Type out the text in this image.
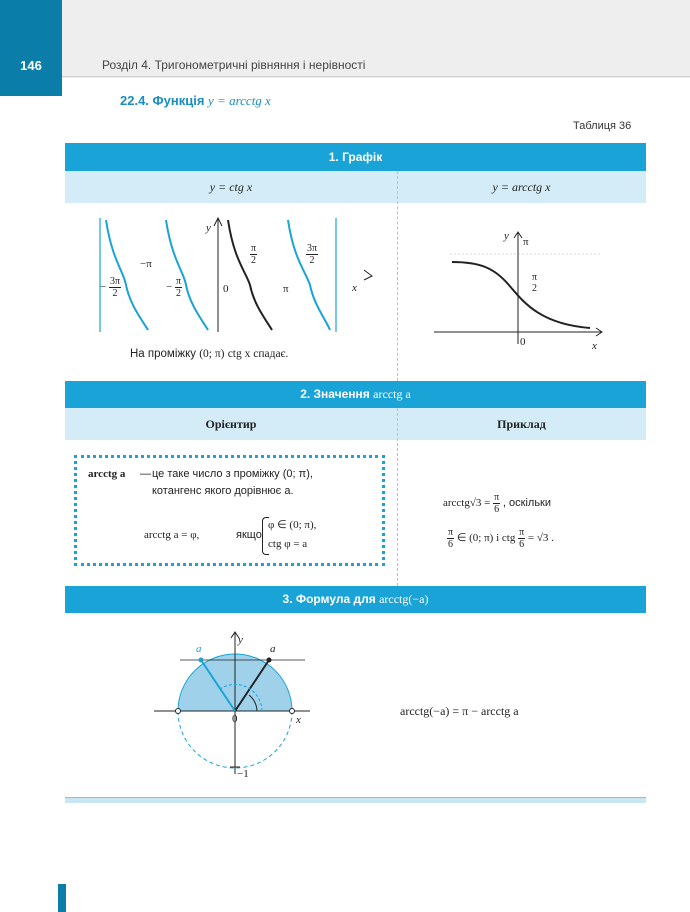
146	Розділ 4. Тригонометричні рівняння і нерівності
22.4. Функція y = arcctg x
Таблиця 36
1. Графік
y = ctg x	y = arcctg x
y
−π
x
0	π
− $\frac{3\pi}{2}$	− $\frac{\pi}{2}$
$\frac{\pi}{2}$	$\frac{3\pi}{2}$
На проміжку (0; π) ctg x спадає.
y π
π
2
0	x
2. Значення arcctg a
Орієнтир	Приклад
arcctg a — це таке число з проміжку (0; π),
котангенс якого дорівнює a.
arcctg a = φ,	якщо
φ ∈ (0; π),
ctg φ = a
arcctg√3 = $\frac{\pi}{6}$ , оскільки
$\frac{\pi}{6}$ ∈ (0; π) і ctg $\frac{\pi}{6} = √3$ .
3. Формула для arcctg(−a)
y
x
0
−1
a	a
arcctg(−a) = π − arcctg a
